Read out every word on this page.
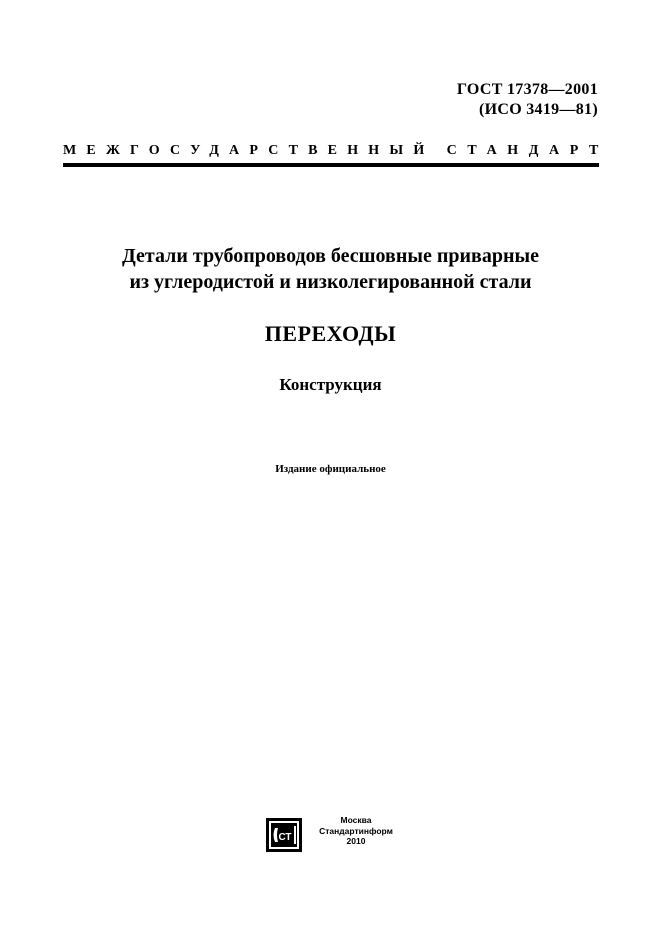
ГОСТ 17378—2001
(ИСО 3419—81)
МЕЖГОСУДАРСТВЕННЫЙ СТАНДАРТ
Детали трубопроводов бесшовные приварные
из углеродистой и низколегированной стали
ПЕРЕХОДЫ
Конструкция
Издание официальное
СТ
Москва
Стандартинформ
2010
